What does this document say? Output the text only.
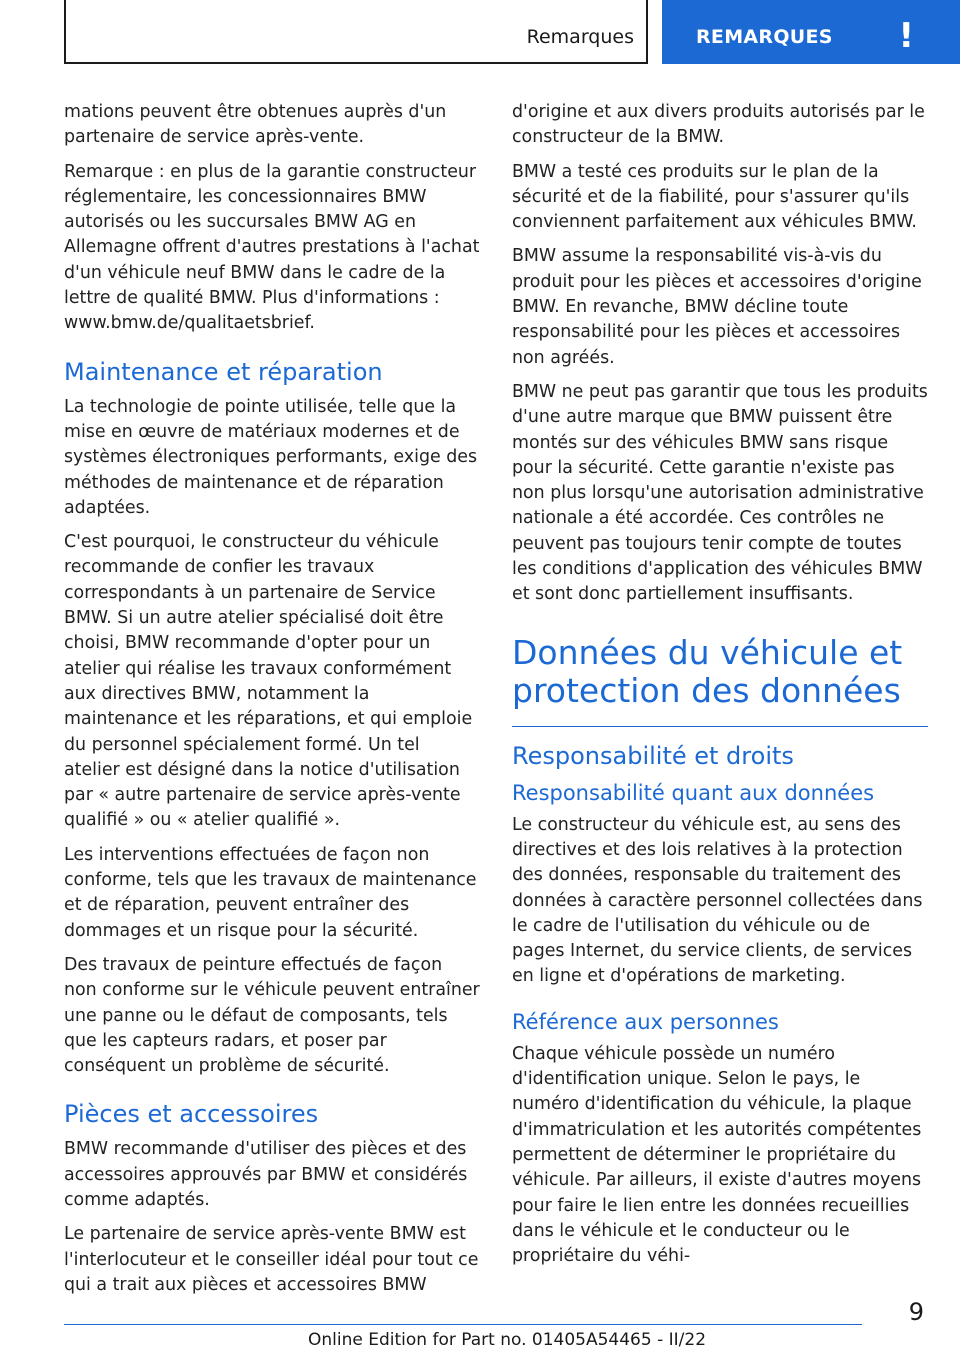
Remarques	REMARQUES !

mations peuvent être obtenues auprès d'un partenaire de service après-vente.

Remarque : en plus de la garantie constructeur réglementaire, les concessionnaires BMW autorisés ou les succursales BMW AG en Allemagne offrent d'autres prestations à l'achat d'un véhicule neuf BMW dans le cadre de la lettre de qualité BMW. Plus d'informations : www.bmw.de/qualitaetsbrief.

Maintenance et réparation

La technologie de pointe utilisée, telle que la mise en œuvre de matériaux modernes et de systèmes électroniques performants, exige des méthodes de maintenance et de réparation adaptées.

C'est pourquoi, le constructeur du véhicule recommande de confier les travaux correspondants à un partenaire de Service BMW. Si un autre atelier spécialisé doit être choisi, BMW recommande d'opter pour un atelier qui réalise les travaux conformément aux directives BMW, notamment la maintenance et les réparations, et qui emploie du personnel spécialement formé. Un tel atelier est désigné dans la notice d'utilisation par « autre partenaire de service après-vente qualifié » ou « atelier qualifié ».

Les interventions effectuées de façon non conforme, tels que les travaux de maintenance et de réparation, peuvent entraîner des dommages et un risque pour la sécurité.

Des travaux de peinture effectués de façon non conforme sur le véhicule peuvent entraîner une panne ou le défaut de composants, tels que les capteurs radars, et poser par conséquent un problème de sécurité.

Pièces et accessoires

BMW recommande d'utiliser des pièces et des accessoires approuvés par BMW et considérés comme adaptés.

Le partenaire de service après-vente BMW est l'interlocuteur et le conseiller idéal pour tout ce qui a trait aux pièces et accessoires BMW

d'origine et aux divers produits autorisés par le constructeur de la BMW.

BMW a testé ces produits sur le plan de la sécurité et de la fiabilité, pour s'assurer qu'ils conviennent parfaitement aux véhicules BMW.

BMW assume la responsabilité vis-à-vis du produit pour les pièces et accessoires d'origine BMW. En revanche, BMW décline toute responsabilité pour les pièces et accessoires non agréés.

BMW ne peut pas garantir que tous les produits d'une autre marque que BMW puissent être montés sur des véhicules BMW sans risque pour la sécurité. Cette garantie n'existe pas non plus lorsqu'une autorisation administrative nationale a été accordée. Ces contrôles ne peuvent pas toujours tenir compte de toutes les conditions d'application des véhicules BMW et sont donc partiellement insuffisants.

Données du véhicule et protection des données
Responsabilité et droits
Responsabilité quant aux données

Le constructeur du véhicule est, au sens des directives et des lois relatives à la protection des données, responsable du traitement des données à caractère personnel collectées dans le cadre de l'utilisation du véhicule ou de pages Internet, du service clients, de services en ligne et d'opérations de marketing.

Référence aux personnes

Chaque véhicule possède un numéro d'identification unique. Selon le pays, le numéro d'identification du véhicule, la plaque d'immatriculation et les autorités compétentes permettent de déterminer le propriétaire du véhicule. Par ailleurs, il existe d'autres moyens pour faire le lien entre les données recueillies dans le véhicule et le conducteur ou le propriétaire du véhi-

9
Online Edition for Part no. 01405A54465 - II/22
